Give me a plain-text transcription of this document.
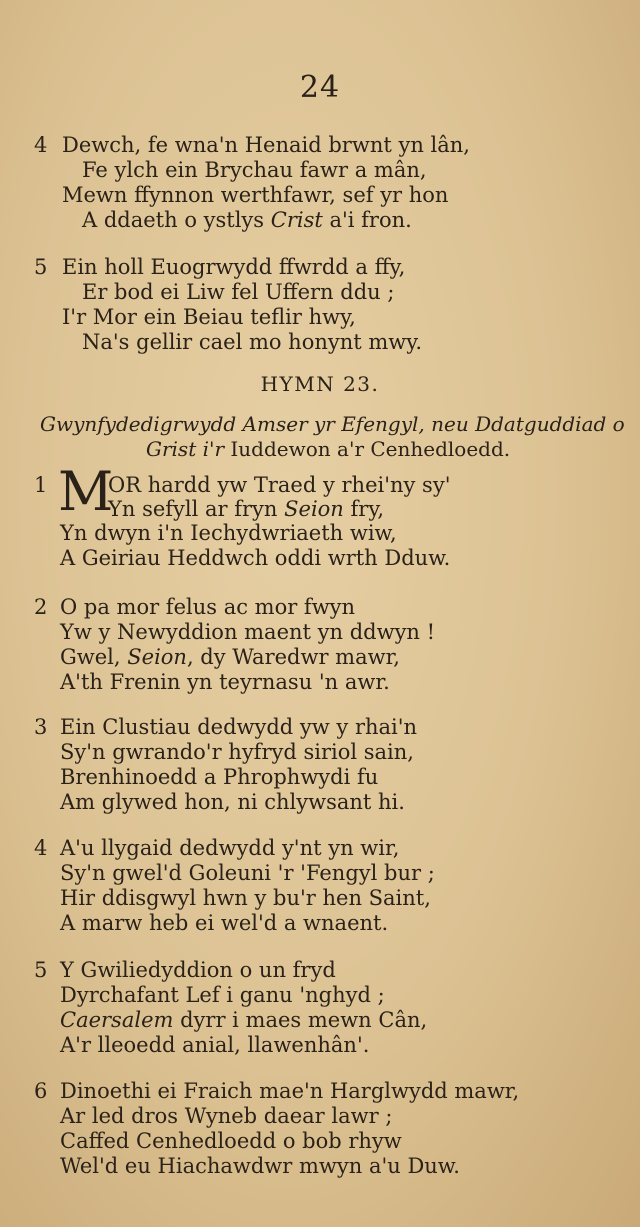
24
4 Dewch, fe wna'n Henaid brwnt yn lân,
Fe ylch ein Brychau fawr a mân,
Mewn ffynnon werthfawr, sef yr hon
A ddaeth o ystlys Crist a'i fron.
5 Ein holl Euogrwydd ffwrdd a ffy,
Er bod ei Liw fel Uffern ddu ;
I'r Mor ein Beiau teflir hwy,
Na's gellir cael mo honynt mwy.
HYMN 23.
Gwynfydedigrwydd Amser yr Efengyl, neu Ddatguddiad o
Grist i'r Iuddewon a'r Cenhedloedd.
1 M
OR hardd yw Traed y rhei'ny sy'
Yn sefyll ar fryn Seion fry,
Yn dwyn i'n Iechydwriaeth wiw,
A Geiriau Heddwch oddi wrth Dduw.
2 O pa mor felus ac mor fwyn
Yw y Newyddion maent yn ddwyn !
Gwel, Seion, dy Waredwr mawr,
A'th Frenin yn teyrnasu 'n awr.
3 Ein Clustiau dedwydd yw y rhai'n
Sy'n gwrando'r hyfryd siriol sain,
Brenhinoedd a Phrophwydi fu
Am glywed hon, ni chlywsant hi.
4 A'u llygaid dedwydd y'nt yn wir,
Sy'n gwel'd Goleuni 'r 'Fengyl bur ;
Hir ddisgwyl hwn y bu'r hen Saint,
A marw heb ei wel'd a wnaent.
5 Y Gwiliedyddion o un fryd
Dyrchafant Lef i ganu 'nghyd ;
Caersalem dyrr i maes mewn Cân,
A'r lleoedd anial, llawenhân'.
6 Dinoethi ei Fraich mae'n Harglwydd mawr,
Ar led dros Wyneb daear lawr ;
Caffed Cenhedloedd o bob rhyw
Wel'd eu Hiachawdwr mwyn a'u Duw.
